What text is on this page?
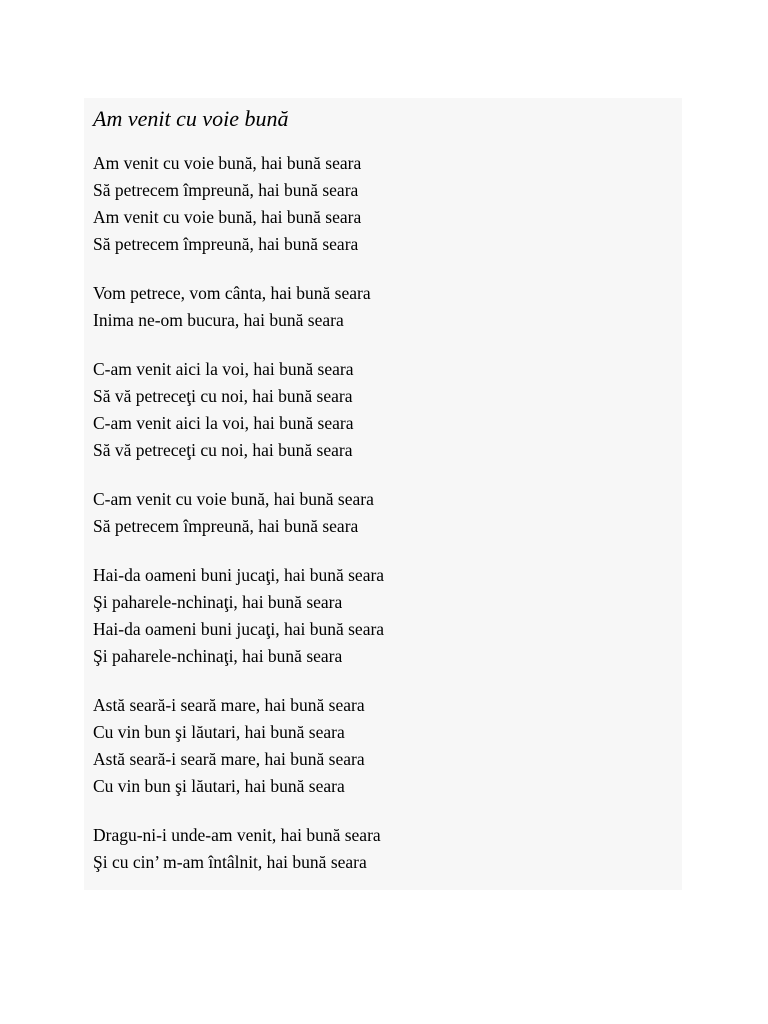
Am venit cu voie bună
Am venit cu voie bună, hai bună seara
Să petrecem împreună, hai bună seara
Am venit cu voie bună, hai bună seara
Să petrecem împreună, hai bună seara
Vom petrece, vom cânta, hai bună seara
Inima ne-om bucura, hai bună seara
C-am venit aici la voi, hai bună seara
Să vă petreceţi cu noi, hai bună seara
C-am venit aici la voi, hai bună seara
Să vă petreceţi cu noi, hai bună seara
C-am venit cu voie bună, hai bună seara
Să petrecem împreună, hai bună seara
Hai-da oameni buni jucaţi, hai bună seara
Şi paharele-nchinaţi, hai bună seara
Hai-da oameni buni jucaţi, hai bună seara
Şi paharele-nchinaţi, hai bună seara
Astă seară-i seară mare, hai bună seara
Cu vin bun şi lăutari, hai bună seara
Astă seară-i seară mare, hai bună seara
Cu vin bun şi lăutari, hai bună seara
Dragu-ni-i unde-am venit, hai bună seara
Şi cu cin’ m-am întâlnit, hai bună seara
